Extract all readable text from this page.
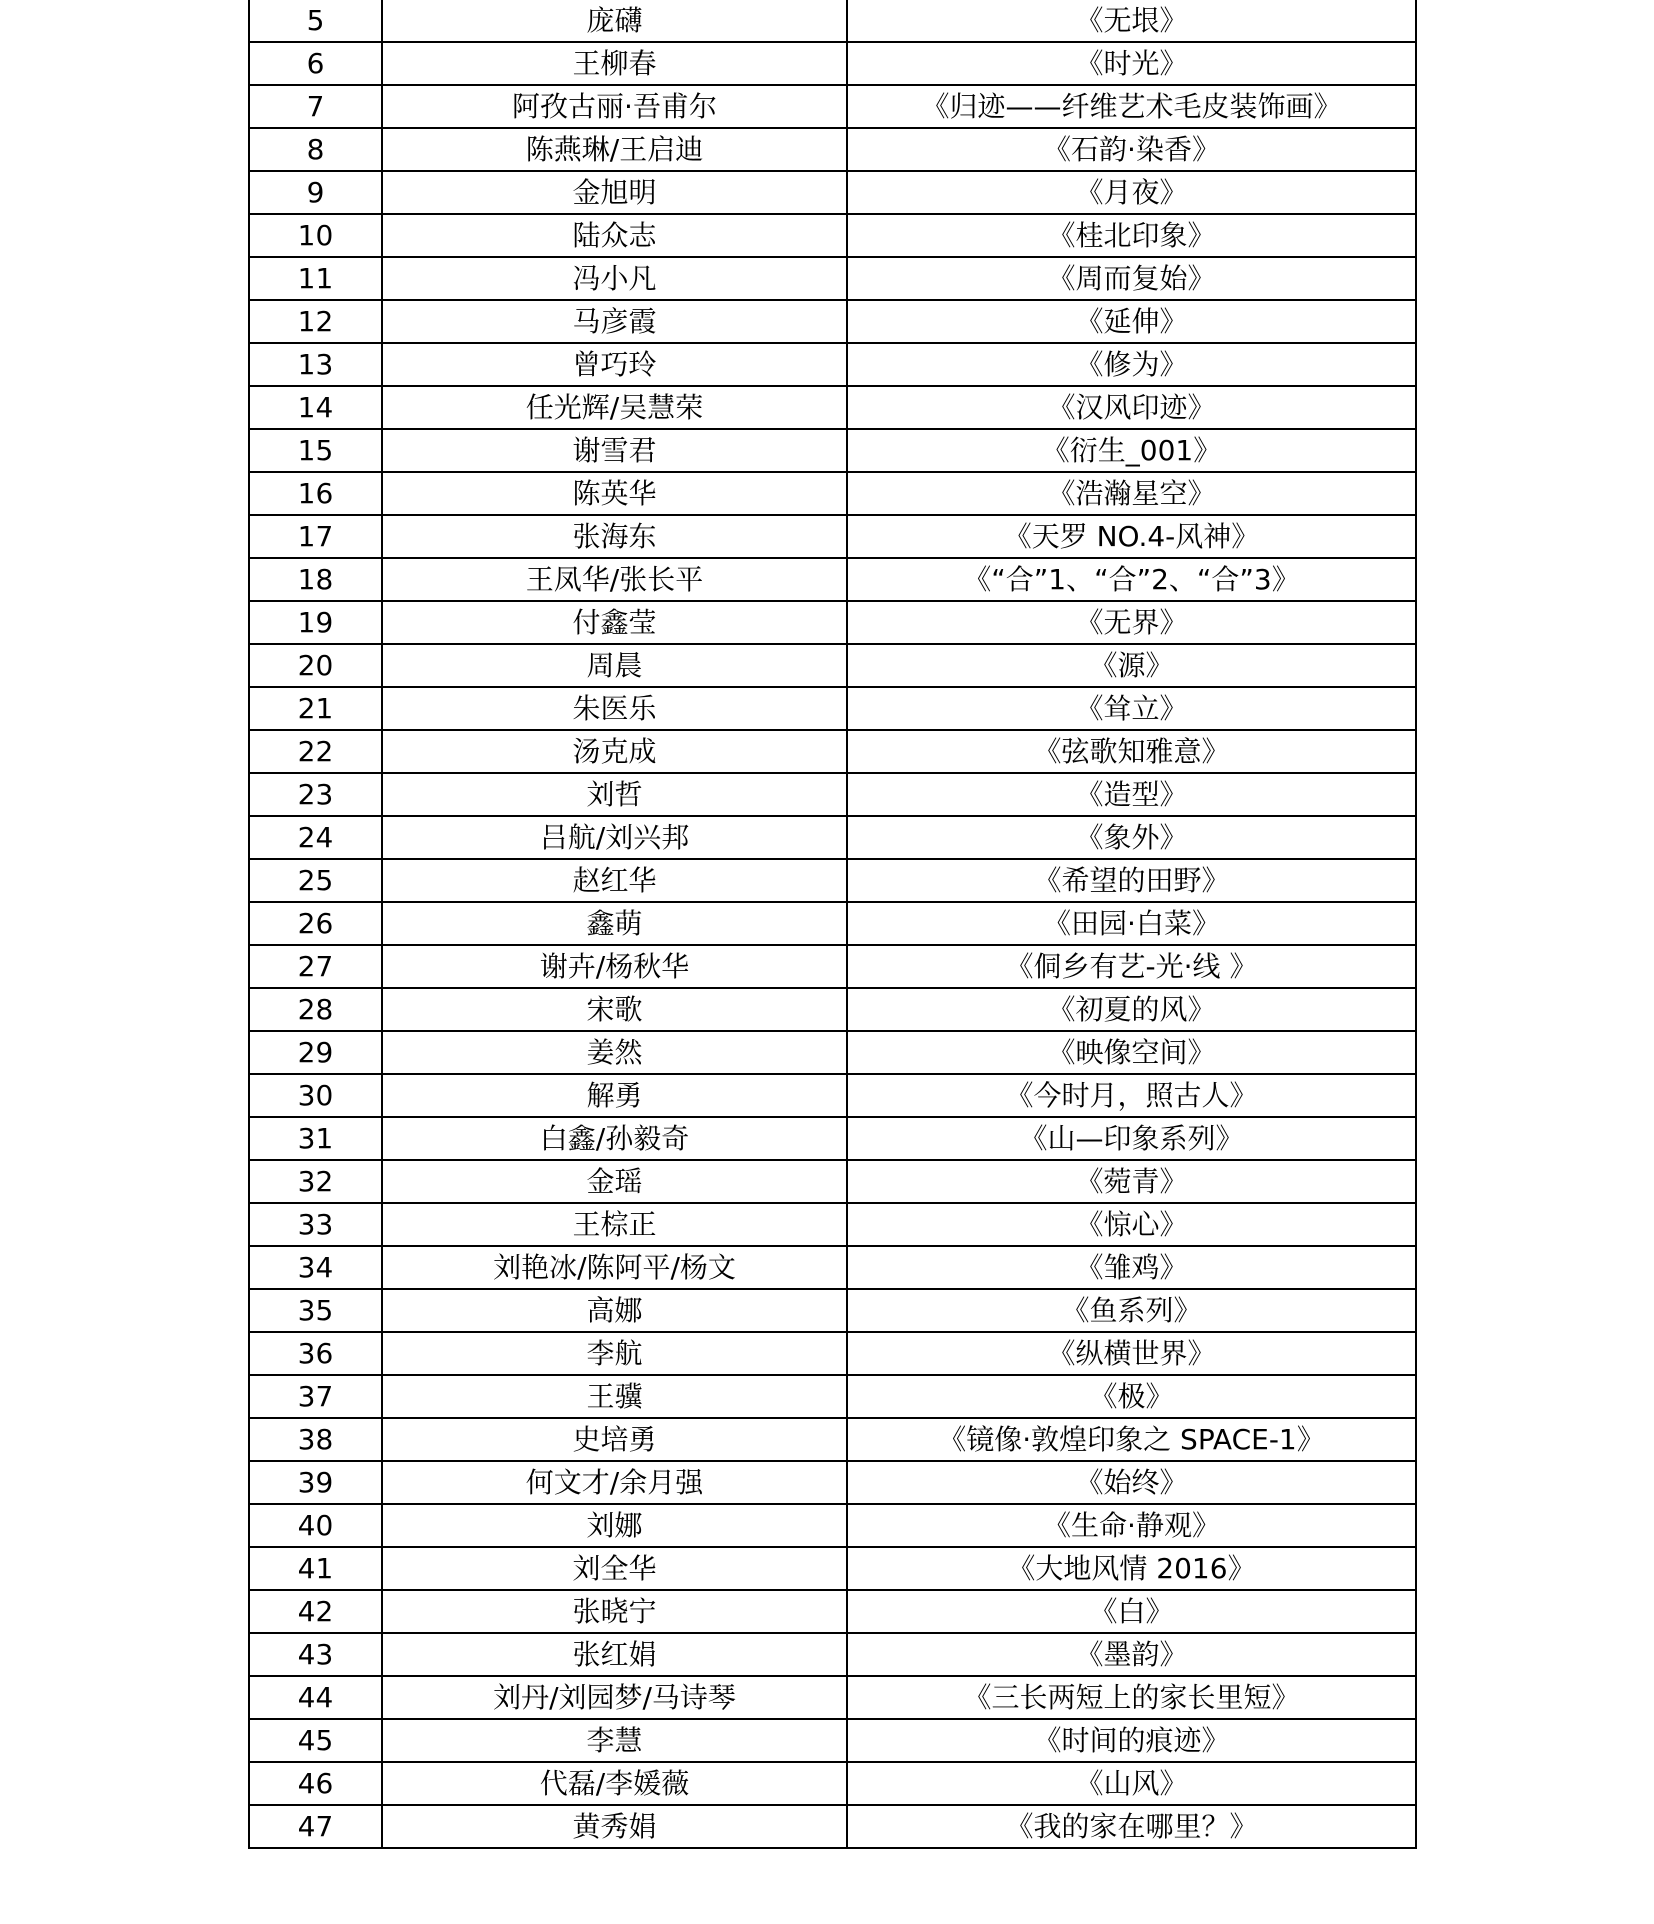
5	庞礴	《无垠》
6	王柳春	《时光》
7	阿孜古丽·吾甫尔	《归迹——纤维艺术毛皮装饰画》
8	陈燕琳/王启迪	《石韵·染香》
9	金旭明	《月夜》
10	陆众志	《桂北印象》
11	冯小凡	《周而复始》
12	马彦霞	《延伸》
13	曾巧玲	《修为》
14	任光辉/吴慧荣	《汉风印迹》
15	谢雪君	《衍生_001》
16	陈英华	《浩瀚星空》
17	张海东	《天罗 NO.4-风神》
18	王凤华/张长平	《“合”1、“合”2、“合”3》
19	付鑫莹	《无界》
20	周晨	《源》
21	朱医乐	《耸立》
22	汤克成	《弦歌知雅意》
23	刘哲	《造型》
24	吕航/刘兴邦	《象外》
25	赵红华	《希望的田野》
26	鑫萌	《田园·白菜》
27	谢卉/杨秋华	《侗乡有艺-光·线 》
28	宋歌	《初夏的风》
29	姜然	《映像空间》
30	解勇	《今时月，照古人》
31	白鑫/孙毅奇	《山—印象系列》
32	金瑶	《菀青》
33	王棕正	《惊心》
34	刘艳冰/陈阿平/杨文	《雏鸡》
35	高娜	《鱼系列》
36	李航	《纵横世界》
37	王骥	《极》
38	史培勇	《镜像·敦煌印象之 SPACE-1》
39	何文才/余月强	《始终》
40	刘娜	《生命·静观》
41	刘全华	《大地风情 2016》
42	张晓宁	《白》
43	张红娟	《墨韵》
44	刘丹/刘园梦/马诗琴	《三长两短上的家长里短》
45	李慧	《时间的痕迹》
46	代磊/李媛薇	《山风》
47	黄秀娟	《我的家在哪里？》
